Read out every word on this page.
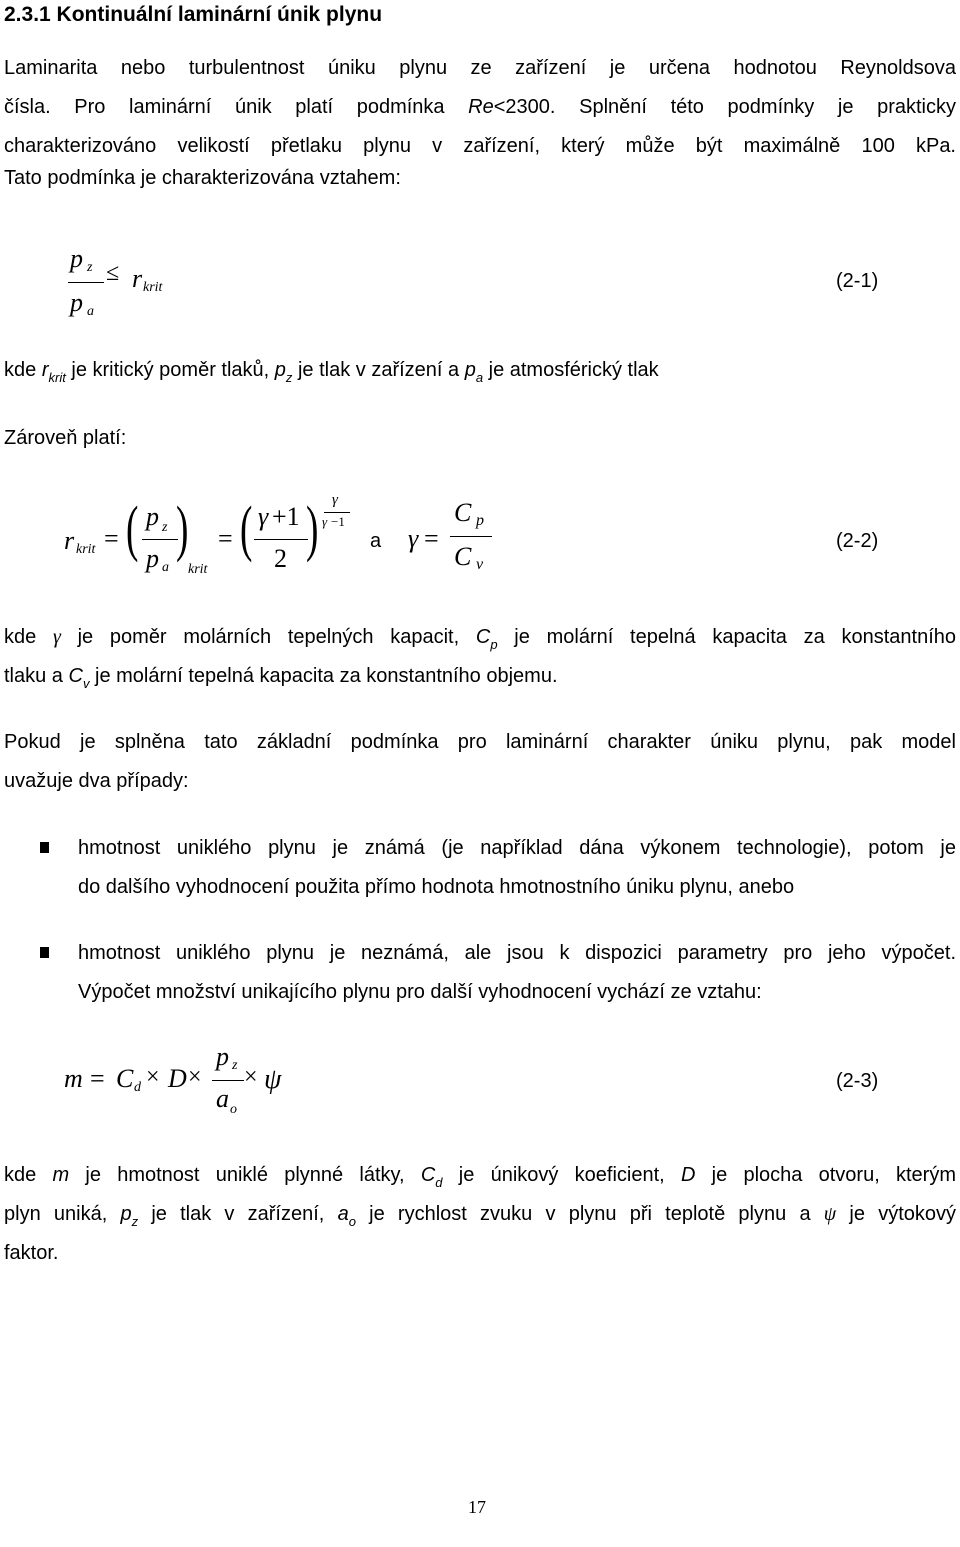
2.3.1 Kontinuální laminární únik plynu
Laminarita nebo turbulentnost úniku plynu ze zařízení je určena hodnotou Reynoldsova
čísla. Pro laminární únik platí podmínka Re<2300. Splnění této podmínky je prakticky
charakterizováno velikostí přetlaku plynu v zařízení, který může být maximálně 100 kPa.
Tato podmínka je charakterizována vztahem:
p z
p a
≤ r krit	(2-1)
kde $r_{krit}$ je kritický poměr tlaků, $p_z$ je tlak v zařízení a $p_a$ je atmosférický tlak
Zároveň platí:
r krit = ( p z
p a
)
krit
= ( γ +1
2 ) γ
γ −1
a γ =
C p
C v
(2-2)
kde γ je poměr molárních tepelných kapacit, $C_p$ je molární tepelná kapacita za konstantního
tlaku a $C_v$ je molární tepelná kapacita za konstantního objemu.
Pokud je splněna tato základní podmínka pro laminární charakter úniku plynu, pak model
uvažuje dva případy:
hmotnost uniklého plynu je známá (je například dána výkonem technologie), potom je
do dalšího vyhodnocení použita přímo hodnota hmotnostního úniku plynu, anebo
hmotnost uniklého plynu je neznámá, ale jsou k dispozici parametry pro jeho výpočet.
Výpočet množství unikajícího plynu pro další vyhodnocení vychází ze vztahu:
m = C d × D ×
p z
a o
× ψ	(2-3)
kde m je hmotnost uniklé plynné látky, $C_d$ je únikový koeficient, D je plocha otvoru, kterým
plyn uniká, $p_z$ je tlak v zařízení, $a_o$ je rychlost zvuku v plynu při teplotě plynu a ψ je výtokový
faktor.
17
